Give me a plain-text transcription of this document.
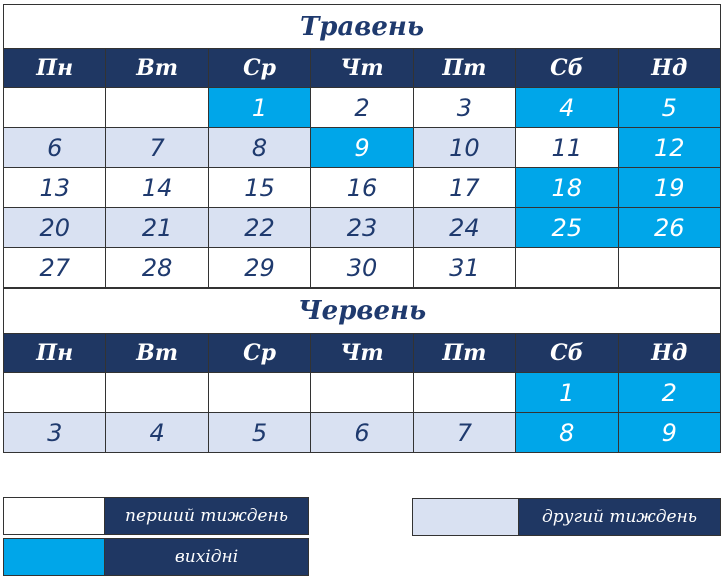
Травень
Пн	Вт	Ср	Чт	Пт	Сб	Нд
		1	2	3	4	5
6	7	8	9	10	11	12
13	14	15	16	17	18	19
20	21	22	23	24	25	26
27	28	29	30	31		
Червень
Пн	Вт	Ср	Чт	Пт	Сб	Нд
					1	2
3	4	5	6	7	8	9
перший тиждень
вихідні
другий тиждень
